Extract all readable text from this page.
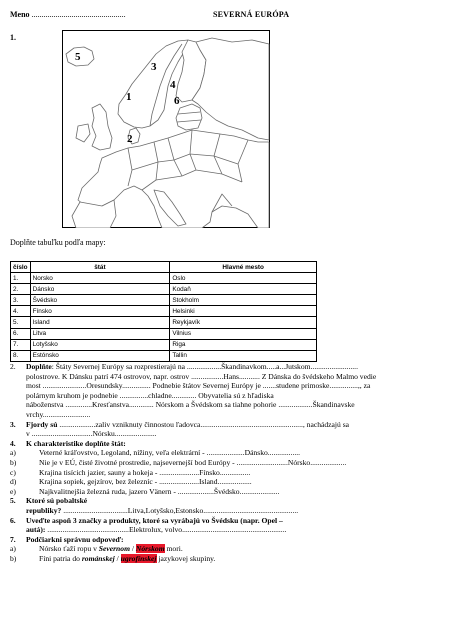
Meno ...............................................	SEVERNÁ EURÓPA
1.
5
1
3
4
6
2
Doplňte tabuľku podľa mapy:
číslo	štát	Hlavné mesto
1.	Norsko	Oslo
2.	Dánsko	Kodaň
3.	Švédsko	Stokholm
4.	Fínsko	Helsinki
5.	Island	Reykjavík
6.	Litva	Vilnius
7.	Lotyšsko	Riga
8.	Estónsko	Tallin
2. Doplňte: Štáty Severnej Európy sa rozprestierajú na ..................Škandinavkom.....a...Jutskom.........................
polostrove. K Dánsku patrí 474 ostrovov, napr. ostrov .................Hans........... Z Dánska do švédskeho Malmo vedie
most .......................Oresundsky............... Podnebie štátov Severnej Európy je .......studene primoske...............,, za
polárnym kruhom je podnebie ...............chladne............. Obyvatelia sú z hľadiska
náboženstva ..............Kresťanstva............. Nórskom a Švédskom sa tiahne pohorie ..................Škandinavske
vrchy.........................
3. Fjordy sú ...................zaliv vzniknuty činnostou ľadovca......................................................, nachádzajú sa
v ................................Nórsku......................
4. K charakteristike doplňte štát:
a)	Veterné kráľovstvo, Legoland, nížiny, veľa elektrární - ....................Dánsko.................
b)	Nie je v EÚ, čisté životné prostredie, najsevernejší bod Európy - ...........................Nórsko...................
c)	Krajina tisícich jazier, sauny a hokeja - .....................Fínsko................
d)	Krajina sopiek, gejzírov, bez železníc - .....................Island..................
e)	Najkvalitnejšia železná ruda, jazero Vänern - ...................Švédsko.....................
5. Ktoré sú pobaltské
republiky? ..................................Litva,Lotyšsko,Estonsko..................................................
6. Uveďte aspoň 3 značky a produkty, ktoré sa vyrábajú vo Švédsku (napr. Opel –
autá): ...........................................Elektrolux, volvo.......................................................
7. Podčiarkni správnu odpoveď:
a)	Nórsko ťaží ropu v Severnom / Nórskom mori.
b)	Fíni patria do románskej / ugrofínskej jazykovej skupiny.
